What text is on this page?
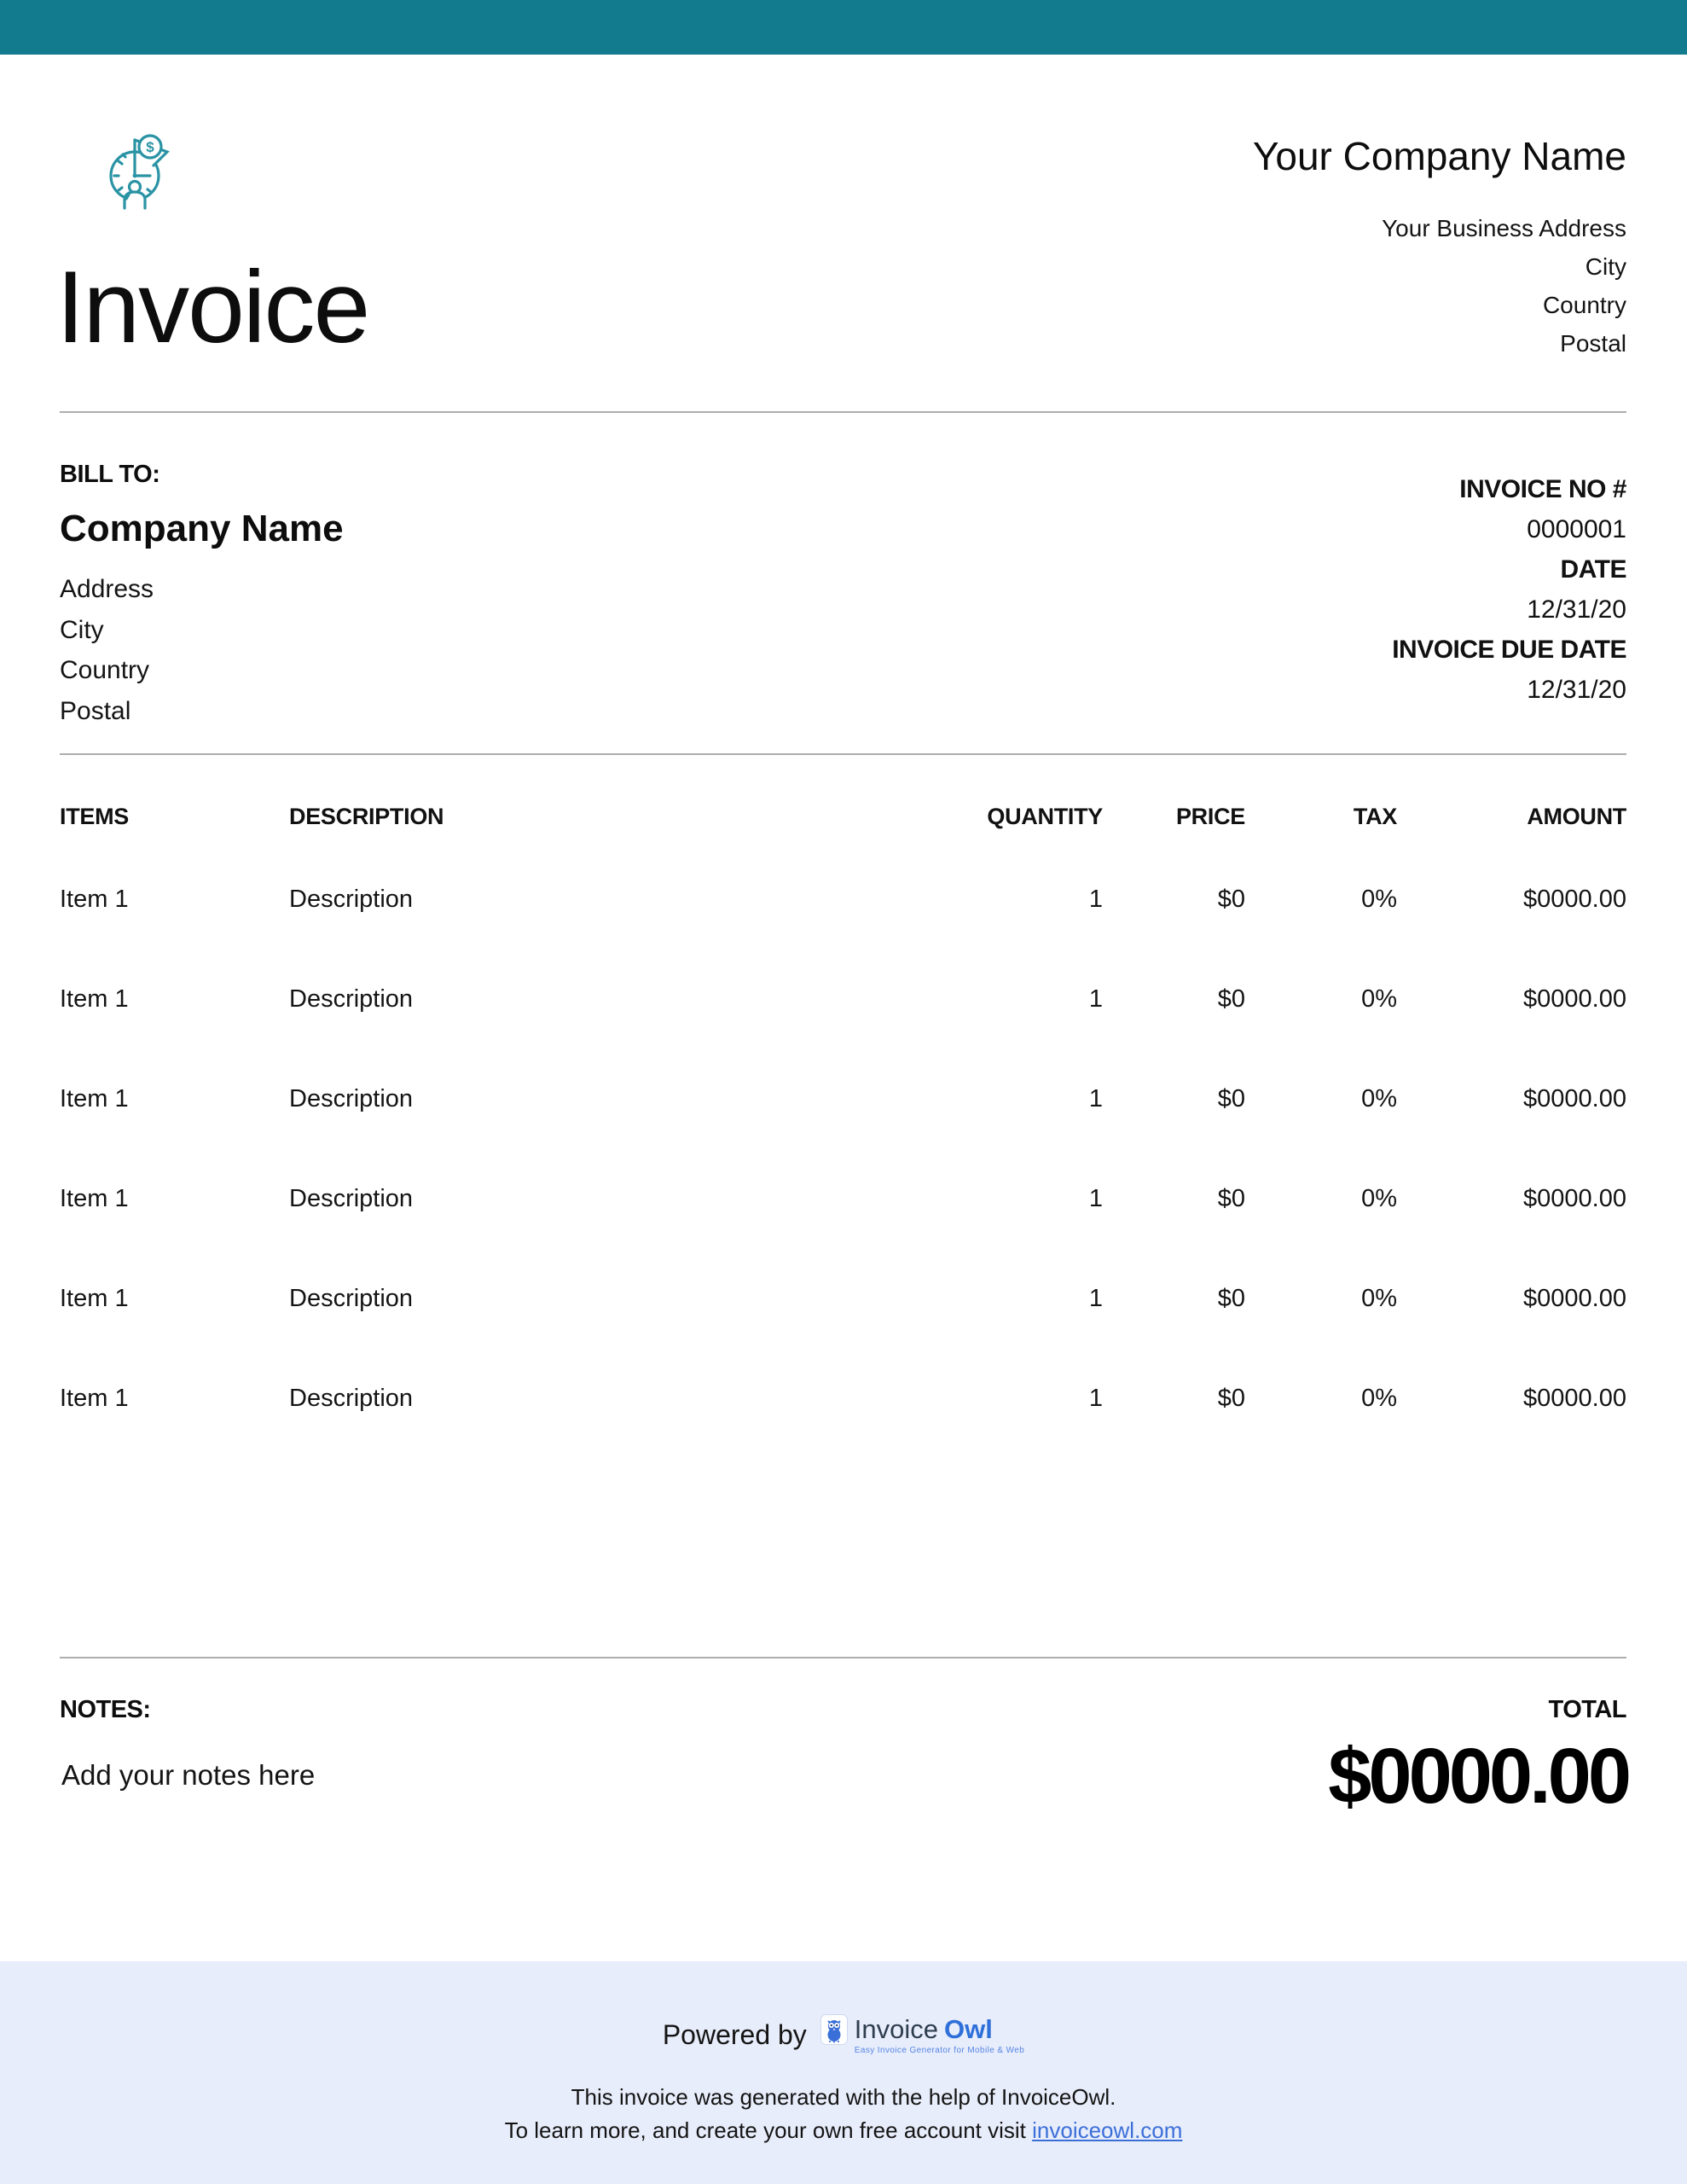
$
Invoice
Your Company Name
Your Business Address
City
Country
Postal
BILL TO:
Company Name
Address
City
Country
Postal
INVOICE NO #
0000001
DATE
12/31/20
INVOICE DUE DATE
12/31/20
ITEMS	DESCRIPTION	QUANTITY	PRICE	TAX	AMOUNT
Item 1	Description	1	$0	0%	$0000.00
Item 1	Description	1	$0	0%	$0000.00
Item 1	Description	1	$0	0%	$0000.00
Item 1	Description	1	$0	0%	$0000.00
Item 1	Description	1	$0	0%	$0000.00
Item 1	Description	1	$0	0%	$0000.00
NOTES:	TOTAL
Add your notes here	$0000.00
Powered by Invoice Owl
Easy Invoice Generator for Mobile & Web
This invoice was generated with the help of InvoiceOwl.
To learn more, and create your own free account visit invoiceowl.com
